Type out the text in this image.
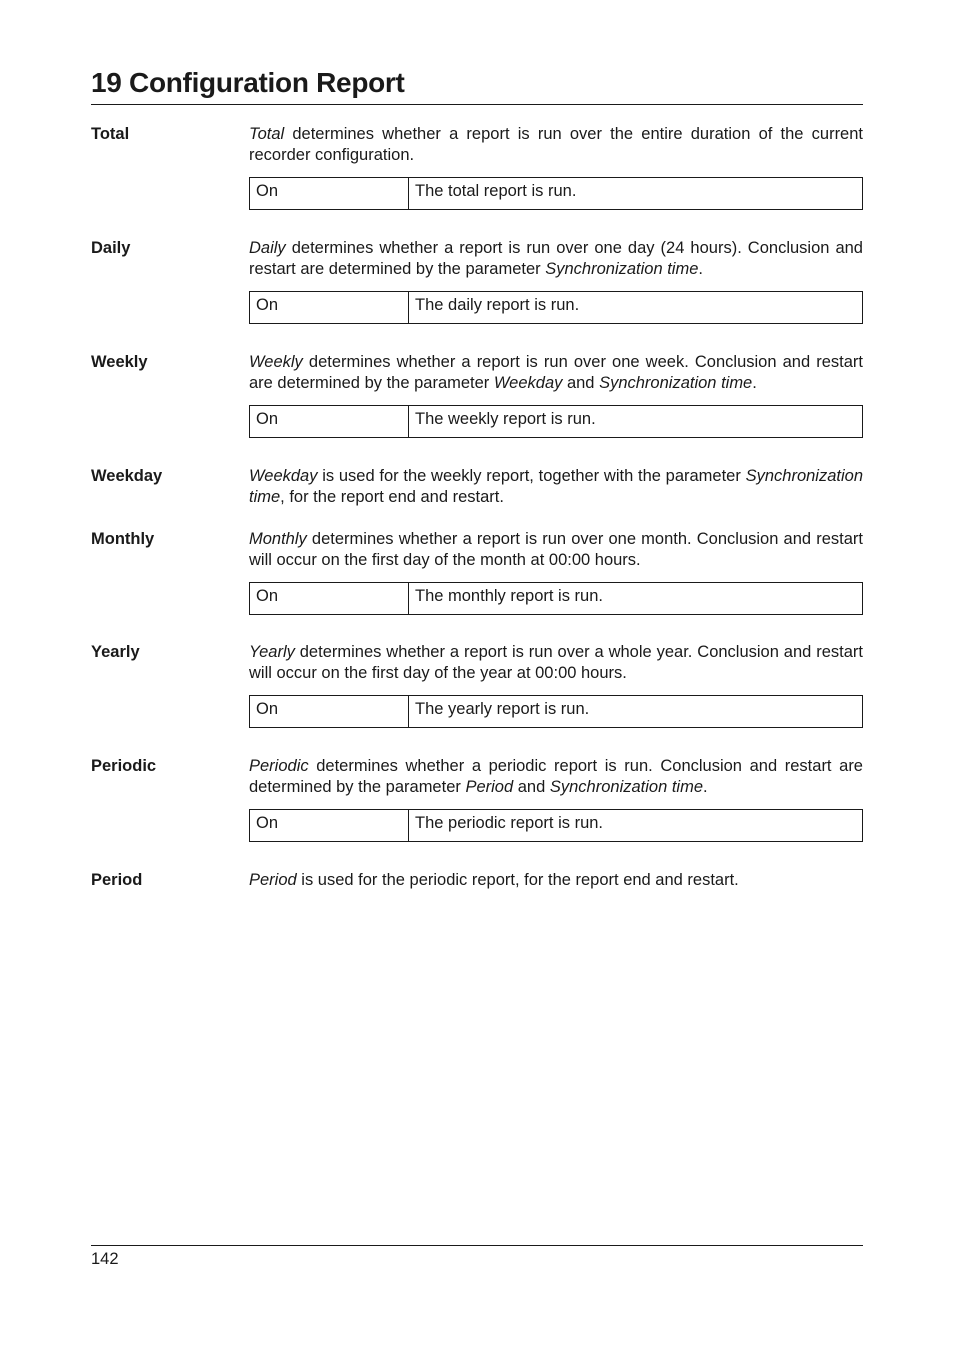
19 Configuration Report
Total	Total determines whether a report is run over the entire duration of the current recorder configuration.
On	The total report is run.
Daily	Daily determines whether a report is run over one day (24 hours). Conclusion and restart are determined by the parameter Synchronization time.
On	The daily report is run.
Weekly	Weekly determines whether a report is run over one week. Conclusion and restart are determined by the parameter Weekday and Synchronization time.
On	The weekly report is run.
Weekday	Weekday is used for the weekly report, together with the parameter Synchronization time, for the report end and restart.
Monthly	Monthly determines whether a report is run over one month. Conclusion and restart will occur on the first day of the month at 00:00 hours.
On	The monthly report is run.
Yearly	Yearly determines whether a report is run over a whole year. Conclusion and restart will occur on the first day of the year at 00:00 hours.
On	The yearly report is run.
Periodic	Periodic determines whether a periodic report is run. Conclusion and restart are determined by the parameter Period and Synchronization time.
On	The periodic report is run.
Period	Period is used for the periodic report, for the report end and restart.
142
